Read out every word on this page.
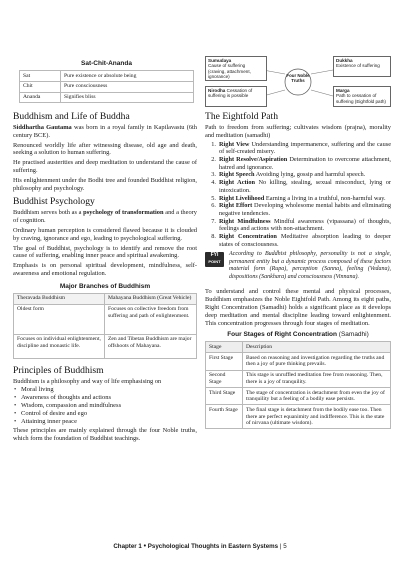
Sat-Chit-Ananda
Sat	Pure existence or absolute being
Chit	Pure consciousness
Ananda	Signifies bliss
Buddhism and Life of Buddha

Siddhartha Gautama was born in a royal family in Kapilavastu (6th century BCE).

Renounced worldly life after witnessing disease, old age and death, seeking a solution to human suffering.

He practised austerities and deep meditation to understand the cause of suffering.

His enlightenment under the Bodhi tree and founded Buddhist religion, philosophy and psychology.

Buddhist Psychology

Buddhism serves both as a psychology of transformation and a theory of cognition.

Ordinary human perception is considered flawed because it is clouded by craving, ignorance and ego, leading to psychological suffering.

The goal of Buddhist, psychology is to identify and remove the root cause of suffering, enabling inner peace and spiritual awakening.

Emphasis is on personal spiritual development, mindfulness, self-awareness and emotional regulation.

Major Branches of Buddhism
Theravada Buddhism	Mahayana Buddhism (Great Vehicle)
Oldest form	Focuses on collective freedom from suffering and path of enlightenment.
Focuses on individual enlightenment, discipline and monastic life.	Zen and Tibetan Buddhism are major offshoots of Mahayana.
Principles of Buddhism

Buddhism is a philosophy and way of life emphasising on

• Moral living
• Awareness of thoughts and actions
• Wisdom, compassion and mindfulness
• Control of desire and ego
• Attaining inner peace

These principles are mainly explained through the four Noble truths, which form the foundation of Buddhist teachings.

Four Noble Truths
Sumudaya
Cause of suffering (craving, attachment, ignorance)
Dukkha
Existence of suffering
Nirodha Cessation of suffering is possible
Marga
Path to cessation of suffering (Eightfold path)
The Eightfold Path

Path to freedom from suffering; cultivates wisdom (prajna), morality and meditation (samadhi)

1. Right View Understanding impermanence, suffering and the cause of self-created misery.
2. Right Resolve/Aspiration Determination to overcome attachment, hatred and ignorance.
3. Right Speech Avoiding lying, gossip and harmful speech.
4. Right Action No killing, stealing, sexual misconduct, lying or intoxication.
5. Right Livelihood Earning a living in a truthful, non-harmful way.
6. Right Effort Developing wholesome mental habits and eliminating negative tendencies.
7. Right Mindfulness Mindful awareness (vipassana) of thoughts, feelings and actions with non-attachment.
8. Right Concentration Meditative absorption leading to deeper states of consciousness.
FYI
POINT

According to Buddhist philosophy, personality is not a single, permanent entity but a dynamic process composed of these factors material form (Rupa), perception (Sanna), feeling (Vedana), dispositions (Sankhara) and consciousness (Vinnana).

To understand and control these mental and physical processes, Buddhism emphasizes the Noble Eightfold Path. Among its eight paths, Right Concentration (Samadhi) holds a significant place as it develops deep meditation and mental discipline leading toward enlightenment. This concentration progresses through four stages of meditation.

Four Stages of Right Concentration (Samadhi)
Stage	Description
First Stage	Based on reasoning and investigation regarding the truths and then a joy of pure thinking prevails.
Second Stage	This stage is unruffled meditation free from reasoning. Then, there is a joy of tranquility.
Third Stage	The stage of concentration is detachment from even the joy of tranquility but a feeling of a bodily ease persists.
Fourth Stage	The final stage is detachment from the bodily ease too. Then there are perfect equanimity and indifference. This is the state of nirvana (ultimate wisdom).
Chapter 1 • Psychological Thoughts in Eastern Systems | 5
